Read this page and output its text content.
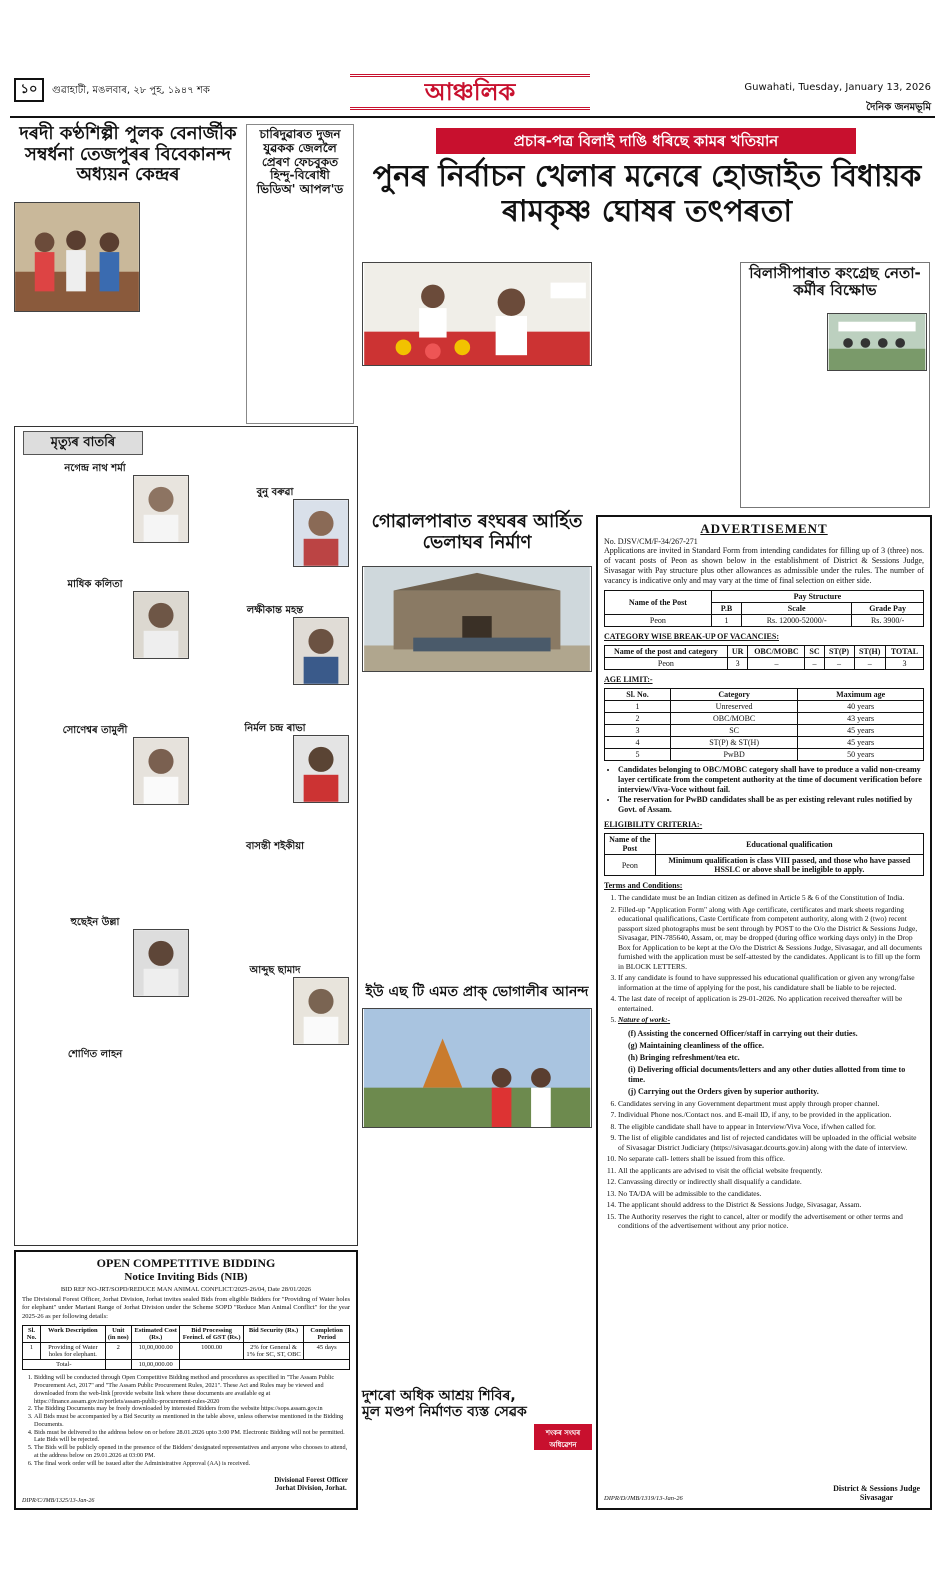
১০	গুৱাহাটী, মঙলবাৰ, ২৮ পুহ, ১৯৪৭ শক	আঞ্চলিক	Guwahati, Tuesday, January 13, 2026
দৈনিক জনমভূমি
দৰদী কণ্ঠশিল্পী পুলক বেনাৰ্জীক সম্বৰ্ধনা তেজপুৰৰ বিবেকানন্দ অধ্যয়ন কেন্দ্ৰৰ
চাৰিদুৱাৰত দুজন যুৱকক জেললৈ প্ৰেৰণ ফেচবুকত হিন্দু-বিৰোধী ভিডিঅ' আপল'ড
মৃত্যুৰ বাতৰি
নগেন্দ্ৰ নাথ শৰ্মা
মাধিক কলিতা
সোণেশ্বৰ তামুলী
হুছেইন উল্লা
শোণিত লাহন
বুনু বৰুৱা
লক্ষীকান্ত মহন্ত
নিৰ্মল চন্দ্ৰ ৰাভা
বাসন্তী শইকীয়া
আব্দুছ ছামাদ
OPEN COMPETITIVE BIDDING
Notice Inviting Bids (NIB)
BID REF NO-JRT/SOPD/REDUCE MAN ANIMAL CONFLICT/2025-26/04, Date 28/01/2026
The Divisional Forest Officer, Jorhat Division, Jorhat invites sealed Bids from eligible Bidders for "Providing of Water holes for elephant" under Mariani Range of Jorhat Division under the Scheme SOPD "Reduce Man Animal Conflict" for the year 2025-26 as per following details:
Sl. No.	Work Description	Unit (in nos)	Estimated Cost (Rs.)	Bid Processing Feeincl. of GST (Rs.)	Bid Security (Rs.)	Completion Period
1	Providing of Water holes for elephant.	2	10,00,000.00	1000.00	2% for General & 1% for SC, ST, OBC	45 days
Total-			10,00,000.00			
1. Bidding will be conducted through Open Competitive Bidding method and procedures as specified in "The Assam Public Procurement Act, 2017" and "The Assam Public Procurement Rules, 2021". These Act and Rules may be viewed and downloaded from the web-link [provide website link where these documents are available eg at https://finance.assam.gov.in/portlets/assam-public-procurement-rules-2020
2. The Bidding Documents may be freely downloaded by interested Bidders from the website https://sops.assam.gov.in
3. All Bids must be accompanied by a Bid Security as mentioned in the table above, unless otherwise mentioned in the Bidding Documents.
4. Bids must be delivered to the address below on or before 28.01.2026 upto 3:00 PM. Electronic Bidding will not be permitted. Late Bids will be rejected.
5. The Bids will be publicly opened in the presence of the Bidders' designated representatives and anyone who chooses to attend, at the address below on 29.01.2026 at 03:00 PM.
6. The final work order will be issued after the Administrative Approval (AA) is received.
Divisional Forest Officer
Jorhat Division, Jorhat.
DIPR/C/JMB/1325/13-Jan-26
প্ৰচাৰ-পত্ৰ বিলাই দাঙি ধৰিছে কামৰ খতিয়ান
পুনৰ নিৰ্বাচন খেলাৰ মনেৰে হোজাইত বিধায়ক ৰামকৃষ্ণ ঘোষৰ তৎপৰতা
বিলাসীপাৰাত কংগ্ৰেছ নেতা-কৰ্মীৰ বিক্ষোভ
গোৱালপাৰাত ৰংঘৰৰ আৰ্হিত ভেলাঘৰ নিৰ্মাণ
ইউ এছ টি এমত প্ৰাক্ ভোগালীৰ আনন্দ
দুশৰো অধিক আশ্ৰয় শিবিৰ, মূল মণ্ডপ নিৰ্মাণত ব্যস্ত সেৱক
শংকৰ সংঘৰ অধিৱেশন
ADVERTISEMENT
No. DJSV/CM/F-34/267-271

Applications are invited in Standard Form from intending candidates for filling up of 3 (three) nos. of vacant posts of Peon as shown below in the establishment of District & Sessions Judge, Sivasagar with Pay structure plus other allowances as admissible under the rules. The number of vacancy is indicative only and may vary at the time of final selection on either side.

Name of the Post	Pay Structure		
	P.B	Scale	Grade Pay
Peon	1	Rs. 12000-52000/-	Rs. 3900/-
CATEGORY WISE BREAK-UP OF VACANCIES:
Name of the post and category	UR	OBC/MOBC	SC	ST(P)	ST(H)	TOTAL
Peon	3	–	–	–	–	3
AGE LIMIT:-
Sl. No.	Category	Maximum age
1	Unreserved	40 years
2	OBC/MOBC	43 years
3	SC	45 years
4	ST(P) & ST(H)	45 years
5	PwBD	50 years
• Candidates belonging to OBC/MOBC category shall have to produce a valid non-creamy layer certificate from the competent authority at the time of document verification before interview/Viva-Voce without fail.
• The reservation for PwBD candidates shall be as per existing relevant rules notified by Govt. of Assam.
ELIGIBILITY CRITERIA:-
Name of the Post	Educational qualification
Peon	Minimum qualification is class VIII passed, and those who have passed HSSLC or above shall be ineligible to apply.
Terms and Conditions:
1. The candidate must be an Indian citizen as defined in Article 5 & 6 of the Constitution of India.
2. Filled-up "Application Form" along with Age certificate, certificates and mark sheets regarding educational qualifications, Caste Certificate from competent authority, along with 2 (two) recent passport sized photographs must be sent through by POST to the O/o the District & Sessions Judge, Sivasagar, PIN-785640, Assam, or, may be dropped (during office working days only) in the Drop Box for Application to be kept at the O/o the District & Sessions Judge, Sivasagar, and all documents furnished with the application must be self-attested by the candidates. Applicant is to fill up the form in BLOCK LETTERS.
3. If any candidate is found to have suppressed his educational qualification or given any wrong/false information at the time of applying for the post, his candidature shall be liable to be rejected.
4. The last date of receipt of application is 29-01-2026. No application received thereafter will be entertained.
5. Nature of work:-
(f) Assisting the concerned Officer/staff in carrying out their duties.
(g) Maintaining cleanliness of the office.
(h) Bringing refreshment/tea etc.
(i) Delivering official documents/letters and any other duties allotted from time to time.
(j) Carrying out the Orders given by superior authority.
6. Candidates serving in any Government department must apply through proper channel.
7. Individual Phone nos./Contact nos. and E-mail ID, if any, to be provided in the application.
8. The eligible candidate shall have to appear in Interview/Viva Voce, if/when called for.
9. The list of eligible candidates and list of rejected candidates will be uploaded in the official website of Sivasagar District Judiciary (https://sivasagar.dcourts.gov.in) along with the date of interview.
10. No separate call- letters shall be issued from this office.
11. All the applicants are advised to visit the official website frequently.
12. Canvassing directly or indirectly shall disqualify a candidate.
13. No TA/DA will be admissible to the candidates.
14. The applicant should address to the District & Sessions Judge, Sivasagar, Assam.
15. The Authority reserves the right to cancel, alter or modify the advertisement or other terms and conditions of the advertisement without any prior notice.
District & Sessions Judge
Sivasagar
DIPR/D/JMB/1319/13-Jan-26
